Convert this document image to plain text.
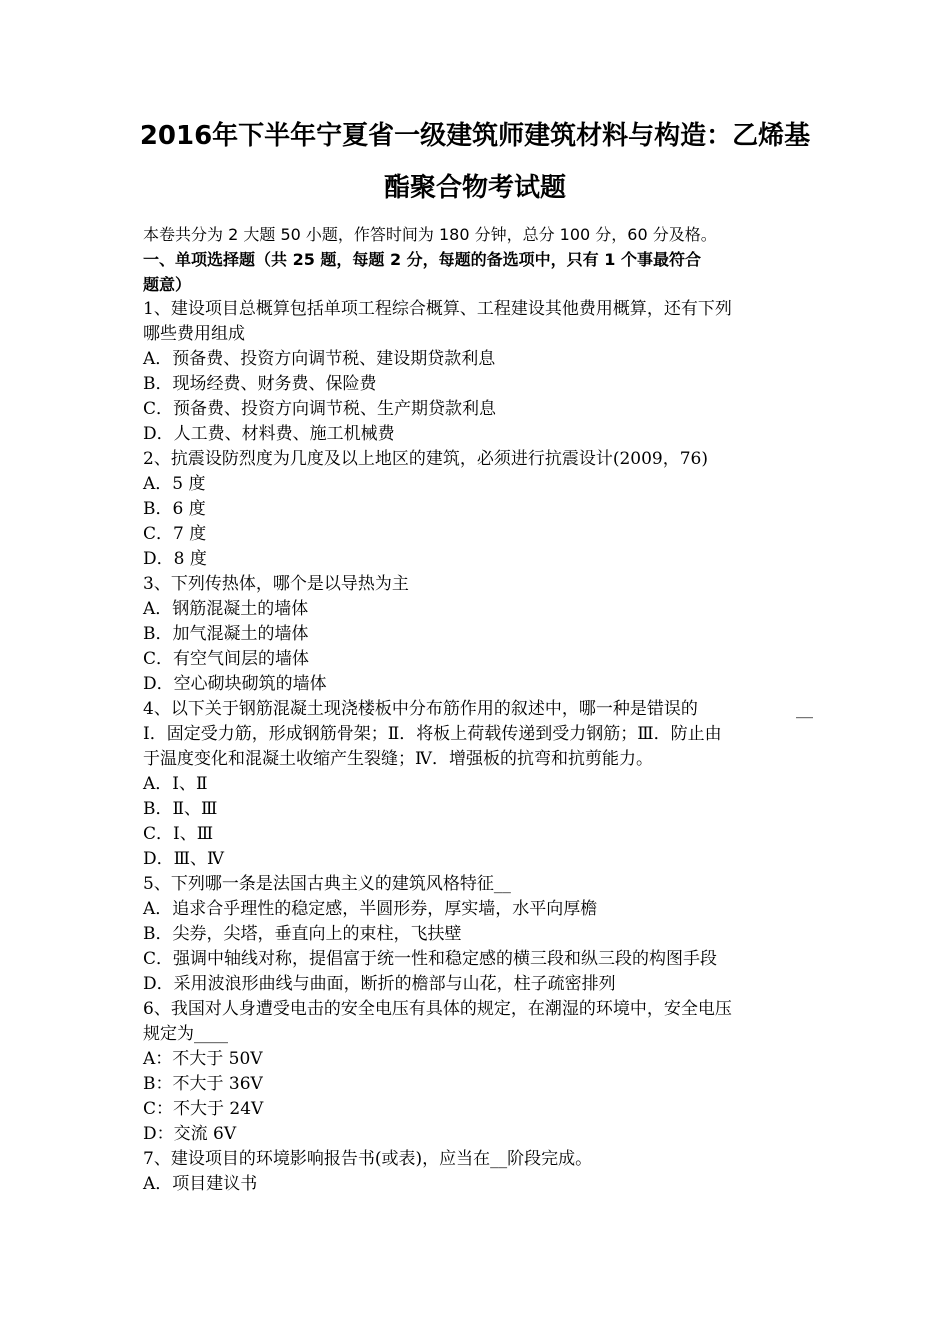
2016年下半年宁夏省一级建筑师建筑材料与构造：乙烯基
酯聚合物考试题
本卷共分为 2 大题 50 小题，作答时间为 180 分钟，总分 100 分，60 分及格。
一、单项选择题（共 25 题，每题 2 分，每题的备选项中，只有 1 个事最符合
题意）
1、建设项目总概算包括单项工程综合概算、工程建设其他费用概算，还有下列
哪些费用组成
A．预备费、投资方向调节税、建设期贷款利息
B．现场经费、财务费、保险费
C．预备费、投资方向调节税、生产期贷款利息
D．人工费、材料费、施工机械费
2、抗震设防烈度为几度及以上地区的建筑，必须进行抗震设计(2009，76)
A．5 度
B．6 度
C．7 度
D．8 度
3、下列传热体，哪个是以导热为主
A．钢筋混凝土的墙体
B．加气混凝土的墙体
C．有空气间层的墙体
D．空心砌块砌筑的墙体
4、以下关于钢筋混凝土现浇楼板中分布筋作用的叙述中，哪一种是错误的	__
Ⅰ．固定受力筋，形成钢筋骨架；Ⅱ．将板上荷载传递到受力钢筋；Ⅲ．防止由
于温度变化和混凝土收缩产生裂缝；Ⅳ．增强板的抗弯和抗剪能力。
A．Ⅰ、Ⅱ
B．Ⅱ、Ⅲ
C．Ⅰ、Ⅲ
D．Ⅲ、Ⅳ
5、下列哪一条是法国古典主义的建筑风格特征__
A．追求合乎理性的稳定感，半圆形券，厚实墙，水平向厚檐
B．尖券，尖塔，垂直向上的束柱，飞扶壁
C．强调中轴线对称，提倡富于统一性和稳定感的横三段和纵三段的构图手段
D．采用波浪形曲线与曲面，断折的檐部与山花，柱子疏密排列
6、我国对人身遭受电击的安全电压有具体的规定，在潮湿的环境中，安全电压
规定为____
A：不大于 50V
B：不大于 36V
C：不大于 24V
D：交流 6V
7、建设项目的环境影响报告书(或表)，应当在__阶段完成。
A．项目建议书
